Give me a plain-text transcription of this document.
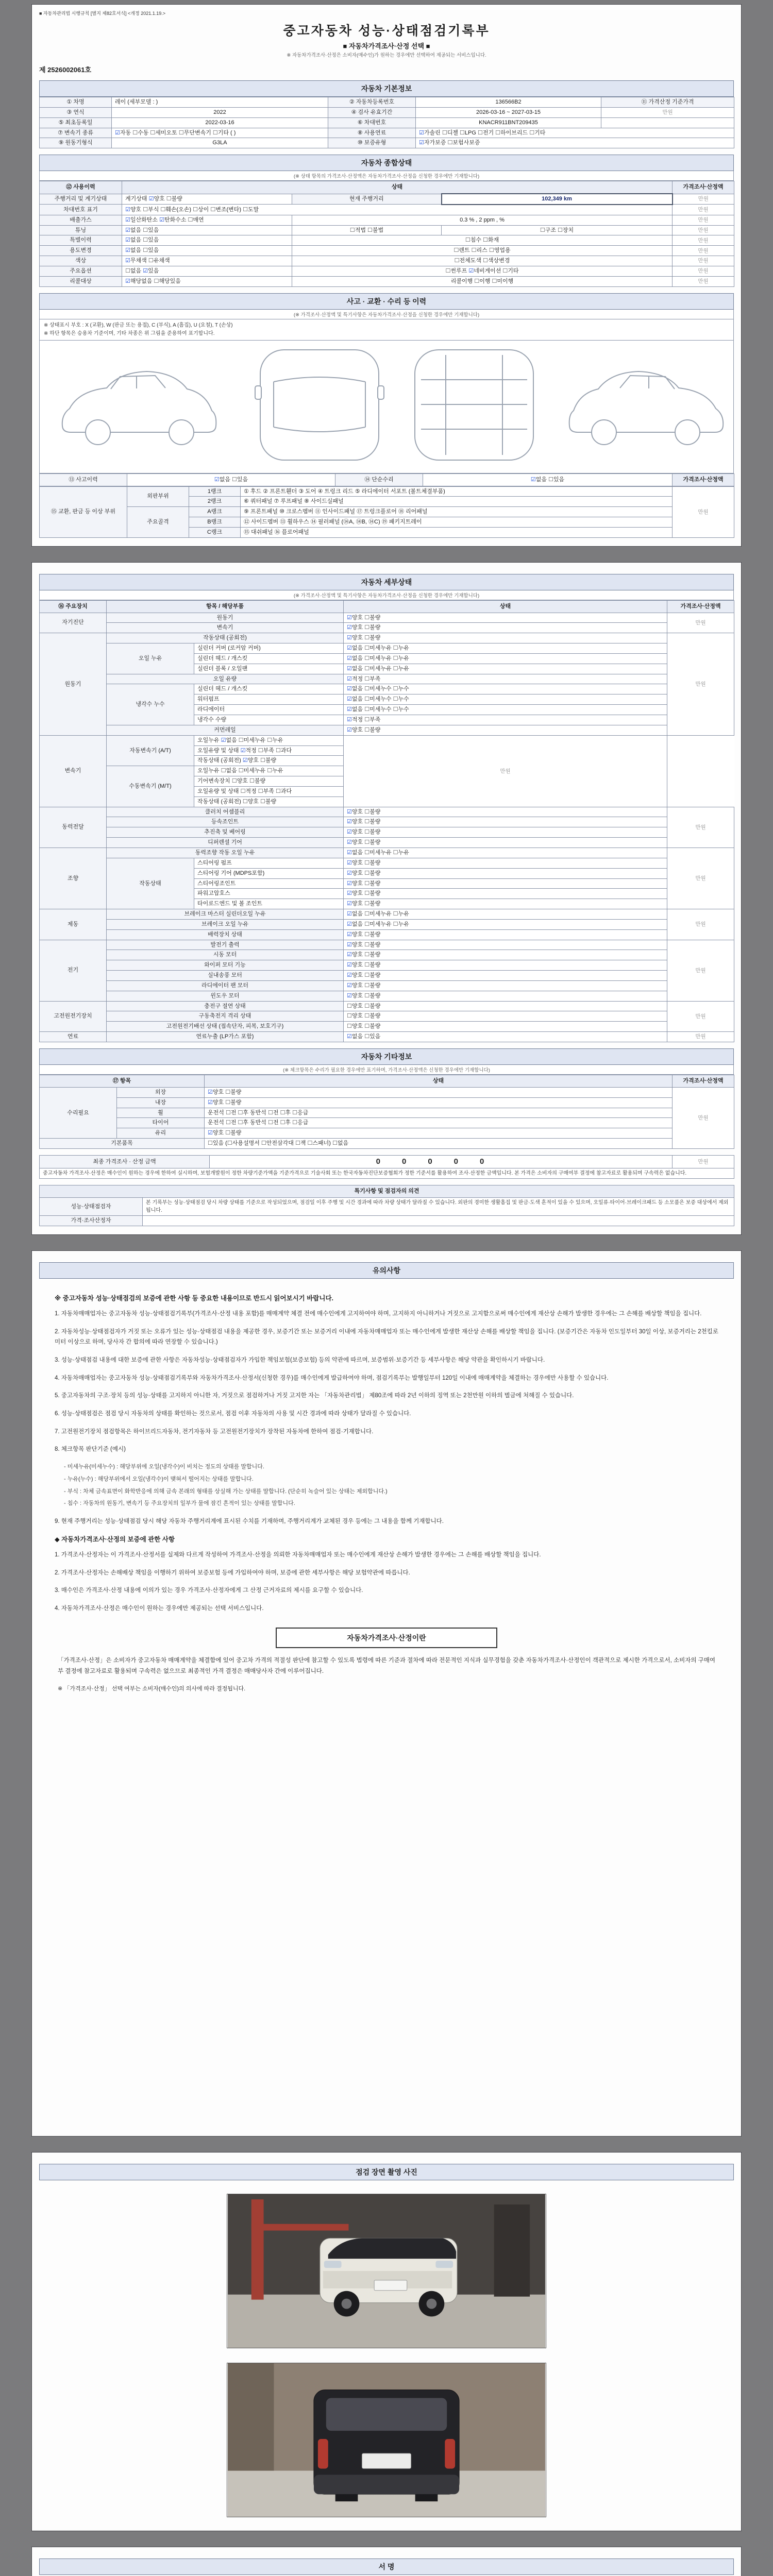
■ 자동차관리법 시행규칙 [별지 제82호서식] <개정 2021.1.19.>
중고자동차 성능·상태점검기록부
■ 자동차가격조사·산정 선택 ■
※ 자동차가격조사·산정은 소비자(매수인)가 원하는 경우에만 선택하여 제공되는 서비스입니다.
제 2526002061호
자동차 기본정보
① 차명	레이 (세부모델 : )	② 자동차등록번호	136566B2	⑪ 가격산정 기준가격
③ 연식	2022	④ 검사 유효기간	2026-03-16 ~ 2027-03-15	만원
⑤ 최초등록일	2022-03-16	⑥ 차대번호	KNACR911BNT209435	
⑦ 변속기 종류	☑자동 ☐수동 ☐세미오토 ☐무단변속기 ☐기타 ( )	⑧ 사용연료	☑가솔린 ☐디젤 ☐LPG ☐전기 ☐하이브리드 ☐기타	
⑨ 원동기형식	G3LA	⑩ 보증유형	☑자가보증 ☐보험사보증	
자동차 종합상태
(※ 상태 항목의 가격조사·산정액은 자동차가격조사·산정을 신청한 경우에만 기재합니다)
⑫ 사용이력	상태			가격조사·산정액
주행거리 및 계기상태	계기상태 ☑양호 ☐불량	현재 주행거리	102,349 km	만원
차대번호 표기	☑양호 ☐부식 ☐훼손(오손) ☐상이 ☐변조(변타) ☐도말			만원
배출가스	☑일산화탄소 ☑탄화수소 ☐매연	0.3 % , 2 ppm , %		만원
튜닝	☑없음 ☐있음	☐적법 ☐불법	☐구조 ☐장치	만원
특별이력	☑없음 ☐있음	☐침수 ☐화재		만원
용도변경	☑없음 ☐있음	☐렌트 ☐리스 ☐영업용		만원
색상	☑무채색 ☐유채색	☐전체도색 ☐색상변경		만원
주요옵션	☐없음 ☑있음	☐썬루프 ☑네비게이션 ☐기타		만원
리콜대상	☑해당없음 ☐해당있음	리콜이행 ☐이행 ☐미이행		만원
사고 · 교환 · 수리 등 이력
(※ 가격조사·산정액 및 특기사항은 자동차가격조사·산정을 신청한 경우에만 기재합니다)
※ 상태표시 부호 : X (교환), W (판금 또는 용접), C (부식), A (흠집), U (요철), T (손상)
※ 하단 항목은 승용차 기준이며, 기타 차종은 위 그림을 준용하여 표기합니다.
⑬ 사고이력	☑없음 ☐있음	⑭ 단순수리	☑없음 ☐있음	가격조사·산정액
⑮ 교환, 판금 등 이상 부위	외판부위	1랭크	① 후드 ② 프론트휀더 ③ 도어 ④ 트렁크 리드 ⑤ 라디에이터 서포트 (볼트체결부품)	만원
		2랭크	⑥ 쿼터패널 ⑦ 루프패널 ⑧ 사이드실패널	
	주요골격	A랭크	⑨ 프론트패널 ⑩ 크로스멤버 ⑪ 인사이드패널 ⑰ 트렁크플로어 ⑱ 리어패널	
		B랭크	⑫ 사이드멤버 ⑬ 휠하우스 ⑭ 필러패널 (⑭A, ⑭B, ⑭C) ⑲ 패키지트레이	
		C랭크	⑮ 대쉬패널 ⑯ 플로어패널	
자동차 세부상태
(※ 가격조사·산정액 및 특기사항은 자동차가격조사·산정을 신청한 경우에만 기재합니다)
⑯ 주요장치	항목 / 해당부품		상태	가격조사·산정액
자기진단	원동기		☑양호 ☐불량	만원
	변속기		☑양호 ☐불량	
원동기	작동상태 (공회전)		☑양호 ☐불량	만원
	오일 누유	실린더 커버 (로커암 커버)	☑없음 ☐미세누유 ☐누유	
		실린더 헤드 / 개스킷	☑없음 ☐미세누유 ☐누유	
		실린더 블록 / 오일팬	☑없음 ☐미세누유 ☐누유	
	오일 유량		☑적정 ☐부족	
	냉각수 누수	실린더 헤드 / 개스킷	☑없음 ☐미세누수 ☐누수	
		워터펌프	☑없음 ☐미세누수 ☐누수	
		라디에이터	☑없음 ☐미세누수 ☐누수	
		냉각수 수량	☑적정 ☐부족	
	커먼레일		☑양호 ☐불량	
변속기	자동변속기 (A/T)	오일누유 ☑없음 ☐미세누유 ☐누유	만원	
		오일유량 및 상태 ☑적정 ☐부족 ☐과다		
		작동상태 (공회전) ☑양호 ☐불량		
	수동변속기 (M/T)	오일누유 ☐없음 ☐미세누유 ☐누유		
		기어변속장치 ☐양호 ☐불량		
		오일유량 및 상태 ☐적정 ☐부족 ☐과다		
		작동상태 (공회전) ☐양호 ☐불량		
동력전달	클러치 어셈블리		☑양호 ☐불량	만원
	등속조인트		☑양호 ☐불량	
	추진축 및 베어링		☑양호 ☐불량	
	디퍼렌셜 기어		☑양호 ☐불량	
조향	동력조향 작동 오일 누유		☑없음 ☐미세누유 ☐누유	만원
	작동상태	스티어링 펌프	☑양호 ☐불량	
		스티어링 기어 (MDPS포함)	☑양호 ☐불량	
		스티어링조인트	☑양호 ☐불량	
		파워고압호스	☑양호 ☐불량	
		타이로드엔드 및 볼 조인트	☑양호 ☐불량	
제동	브레이크 마스터 실린더오일 누유		☑없음 ☐미세누유 ☐누유	만원
	브레이크 오일 누유		☑없음 ☐미세누유 ☐누유	
	배력장치 상태		☑양호 ☐불량	
전기	발전기 출력		☑양호 ☐불량	만원
	시동 모터		☑양호 ☐불량	
	와이퍼 모터 기능		☑양호 ☐불량	
	실내송풍 모터		☑양호 ☐불량	
	라디에이터 팬 모터		☑양호 ☐불량	
	윈도우 모터		☑양호 ☐불량	
고전원전기장치	충전구 절연 상태		☐양호 ☐불량	만원
	구동축전지 격리 상태		☐양호 ☐불량	
	고전원전기배선 상태 (접속단자, 피복, 보호기구)		☐양호 ☐불량	
연료	연료누출 (LP가스 포함)		☑없음 ☐있음	만원
자동차 기타정보
(※ 체크항목은 수리가 필요한 경우에만 표기하며, 가격조사·산정액은 신청한 경우에만 기재합니다)
⑰ 항목		상태	가격조사·산정액
수리필요	외장	☑양호 ☐불량	만원
	내장	☑양호 ☐불량	
	휠	운전석 ☐전 ☐후 동반석 ☐전 ☐후 ☐응급	
	타이어	운전석 ☐전 ☐후 동반석 ☐전 ☐후 ☐응급	
	유리	☑양호 ☐불량	
기본품목		☐있음 (☐사용설명서 ☐안전삼각대 ☐잭 ☐스패너) ☐없음	
최종 가격조사 · 산정 금액	00000	만원
중고자동차 가격조사·산정은 매수인이 원하는 경우에 한하여 실시하며, 보험개발원이 정한 차량기준가액을 기준가격으로 기술사회 또는 한국자동차진단보증협회가 정한 기준서를 활용하여 조사·산정한 금액입니다. 본 가격은 소비자의 구매여부 결정에 참고자료로 활용되며 구속력은 없습니다.
특기사항 및 점검자의 의견	
성능·상태점검자	본 기록부는 성능·상태점검 당시 차량 상태를 기준으로 작성되었으며, 점검일 이후 주행 및 시간 경과에 따라 차량 상태가 달라질 수 있습니다. 외판의 경미한 생활흠집 및 판금·도색 흔적이 있을 수 있으며, 오일류·타이어·브레이크패드 등 소모품은 보증 대상에서 제외됩니다.
가격·조사산정자	
유의사항
※ 중고자동차 성능·상태점검의 보증에 관한 사항 등 중요한 내용이므로 반드시 읽어보시기 바랍니다.
1. 자동차매매업자는 중고자동차 성능·상태점검기록부(가격조사·산정 내용 포함)를 매매계약 체결 전에 매수인에게 고지하여야 하며, 고지하지 아니하거나 거짓으로 고지함으로써 매수인에게 재산상 손해가 발생한 경우에는 그 손해를 배상할 책임을 집니다.
2. 자동차성능·상태점검자가 거짓 또는 오류가 있는 성능·상태점검 내용을 제공한 경우, 보증기간 또는 보증거리 이내에 자동차매매업자 또는 매수인에게 발생한 재산상 손해를 배상할 책임을 집니다. (보증기간은 자동차 인도일부터 30일 이상, 보증거리는 2천킬로미터 이상으로 하며, 당사자 간 합의에 따라 연장할 수 있습니다.)
3. 성능·상태점검 내용에 대한 보증에 관한 사항은 자동차성능·상태점검자가 가입한 책임보험(보증보험) 등의 약관에 따르며, 보증범위·보증기간 등 세부사항은 해당 약관을 확인하시기 바랍니다.
4. 자동차매매업자는 중고자동차 성능·상태점검기록부와 자동차가격조사·산정서(신청한 경우)를 매수인에게 발급하여야 하며, 점검기록부는 발행일부터 120일 이내에 매매계약을 체결하는 경우에만 사용할 수 있습니다.
5. 중고자동차의 구조·장치 등의 성능·상태를 고지하지 아니한 자, 거짓으로 점검하거나 거짓 고지한 자는 「자동차관리법」 제80조에 따라 2년 이하의 징역 또는 2천만원 이하의 벌금에 처해질 수 있습니다.
6. 성능·상태점검은 점검 당시 자동차의 상태를 확인하는 것으로서, 점검 이후 자동차의 사용 및 시간 경과에 따라 상태가 달라질 수 있습니다.
7. 고전원전기장치 점검항목은 하이브리드자동차, 전기자동차 등 고전원전기장치가 장착된 자동차에 한하여 점검·기재합니다.
8. 체크항목 판단기준 (예시)
- 미세누유(미세누수) : 해당부위에 오일(냉각수)이 비치는 정도의 상태를 말합니다.
- 누유(누수) : 해당부위에서 오일(냉각수)이 맺혀서 떨어지는 상태를 말합니다.
- 부식 : 차체 금속표면이 화학반응에 의해 금속 본래의 형태를 상실해 가는 상태를 말합니다. (단순히 녹슬어 있는 상태는 제외합니다.)
- 침수 : 자동차의 원동기, 변속기 등 주요장치의 일부가 물에 잠긴 흔적이 있는 상태를 말합니다.
9. 현재 주행거리는 성능·상태점검 당시 해당 자동차 주행거리계에 표시된 수치를 기재하며, 주행거리계가 교체된 경우 등에는 그 내용을 함께 기재합니다.
◆ 자동차가격조사·산정의 보증에 관한 사항
1. 가격조사·산정자는 이 가격조사·산정서를 실제와 다르게 작성하여 가격조사·산정을 의뢰한 자동차매매업자 또는 매수인에게 재산상 손해가 발생한 경우에는 그 손해를 배상할 책임을 집니다.
2. 가격조사·산정자는 손해배상 책임을 이행하기 위하여 보증보험 등에 가입하여야 하며, 보증에 관한 세부사항은 해당 보험약관에 따릅니다.
3. 매수인은 가격조사·산정 내용에 이의가 있는 경우 가격조사·산정자에게 그 산정 근거자료의 제시를 요구할 수 있습니다.
4. 자동차가격조사·산정은 매수인이 원하는 경우에만 제공되는 선택 서비스입니다.
자동차가격조사·산정이란
「가격조사·산정」은 소비자가 중고자동차 매매계약을 체결함에 있어 중고차 가격의 적절성 판단에 참고할 수 있도록 법령에 따른 기준과 절차에 따라 전문적인 지식과 실무경험을 갖춘 자동차가격조사·산정인이 객관적으로 제시한 가격으로서, 소비자의 구매여부 결정에 참고자료로 활용되며 구속력은 없으므로 최종적인 가격 결정은 매매당사자 간에 이루어집니다.
※ 「가격조사·산정」 선택 여부는 소비자(매수인)의 의사에 따라 결정됩니다.
점검 장면 촬영 사진
서 명
